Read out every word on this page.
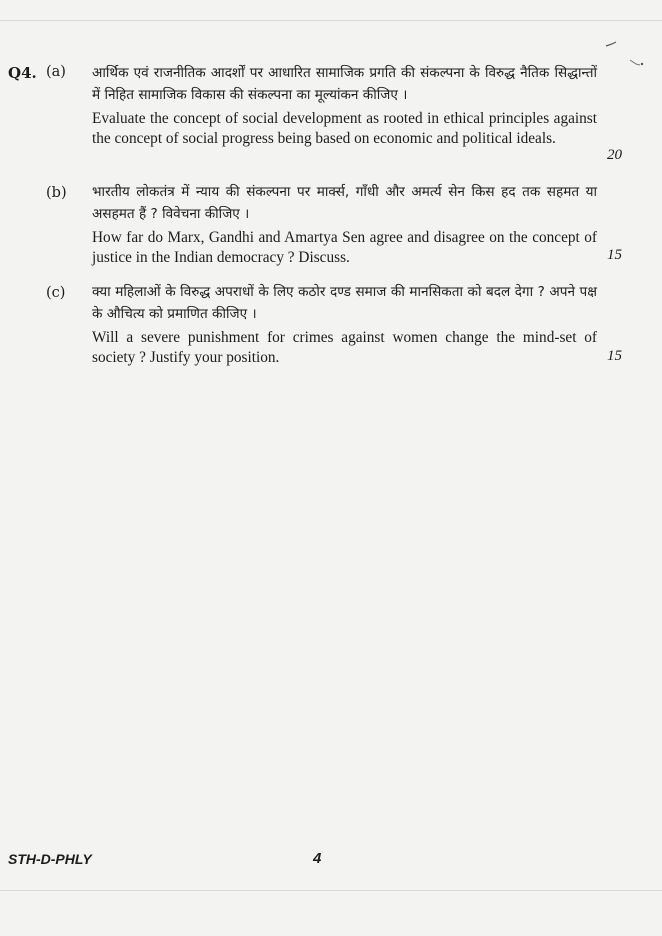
Q4. (a) आर्थिक एवं राजनीतिक आदर्शों पर आधारित सामाजिक प्रगति की संकल्पना के विरुद्ध नैतिक सिद्धान्तों में निहित सामाजिक विकास की संकल्पना का मूल्यांकन कीजिए ।
Evaluate the concept of social development as rooted in ethical principles against the concept of social progress being based on economic and political ideals.
20
(b) भारतीय लोकतंत्र में न्याय की संकल्पना पर मार्क्स, गाँधी और अमर्त्य सेन किस हद तक सहमत या असहमत हैं ? विवेचना कीजिए ।
How far do Marx, Gandhi and Amartya Sen agree and disagree on the concept of justice in the Indian democracy ? Discuss.	15
(c) क्या महिलाओं के विरुद्ध अपराधों के लिए कठोर दण्ड समाज की मानसिकता को बदल देगा ? अपने पक्ष के औचित्य को प्रमाणित कीजिए ।
Will a severe punishment for crimes against women change the mind-set of society ? Justify your position.	15
STH-D-PHLY	4
